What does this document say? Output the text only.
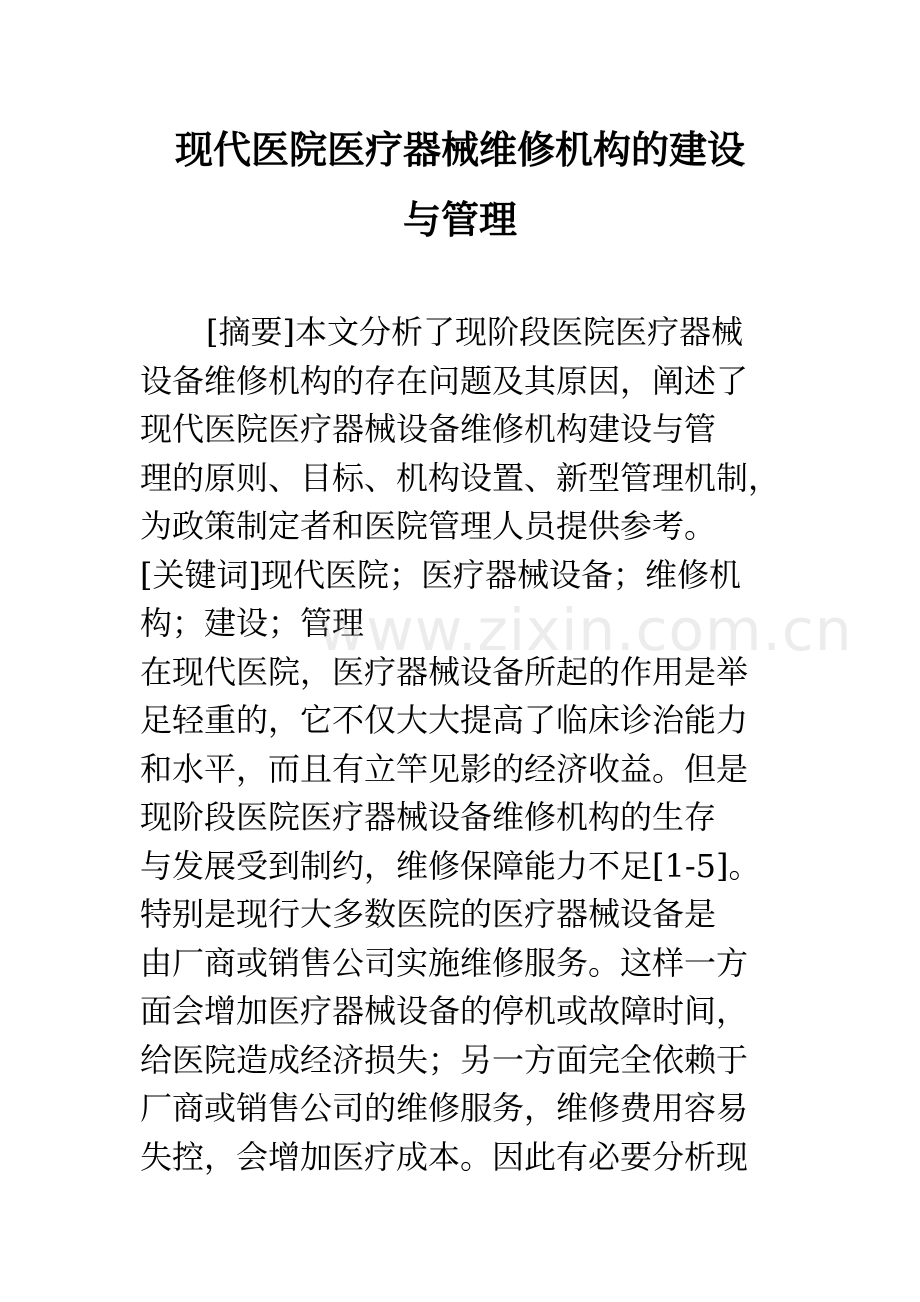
现代医院医疗器械维修机构的建设
与管理
[摘要]本文分析了现阶段医院医疗器械
设备维修机构的存在问题及其原因，阐述了
现代医院医疗器械设备维修机构建设与管
理的原则、目标、机构设置、新型管理机制，
为政策制定者和医院管理人员提供参考。
[关键词]现代医院；医疗器械设备；维修机
构；建设；管理
在现代医院，医疗器械设备所起的作用是举
足轻重的，它不仅大大提高了临床诊治能力
和水平，而且有立竿见影的经济收益。但是
现阶段医院医疗器械设备维修机构的生存
与发展受到制约，维修保障能力不足[1-5]。
特别是现行大多数医院的医疗器械设备是
由厂商或销售公司实施维修服务。这样一方
面会增加医疗器械设备的停机或故障时间，
给医院造成经济损失；另一方面完全依赖于
厂商或销售公司的维修服务，维修费用容易
失控，会增加医疗成本。因此有必要分析现
www.zixin.com.cn
